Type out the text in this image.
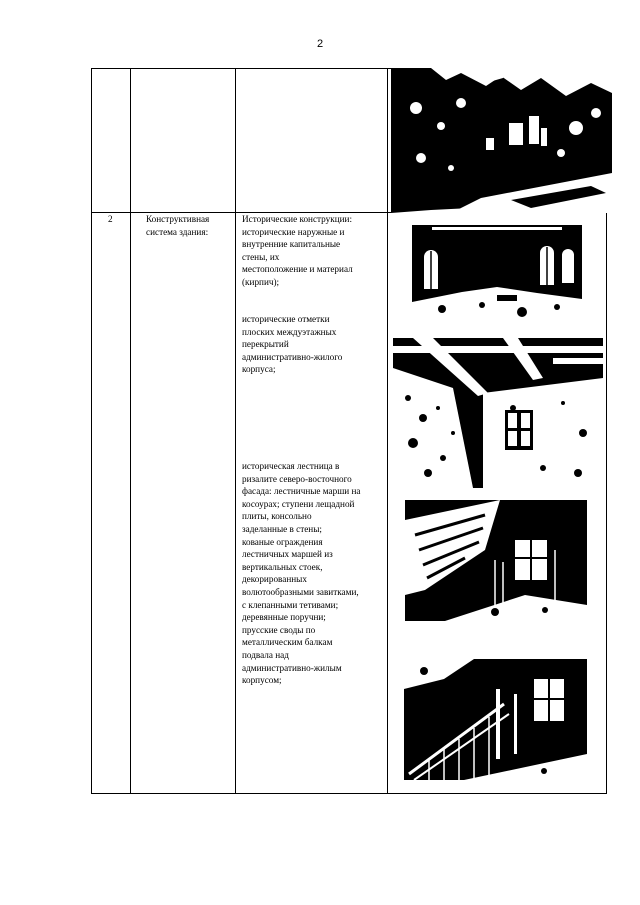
2
2	Конструктивная
система здания:
Исторические конструкции:
исторические наружные и
внутренние капитальные
стены, их
местоположение и материал
(кирпич);
исторические отметки
плоских междуэтажных
перекрытий
административно-жилого
корпуса;
историческая лестница в
ризалите северо-восточного
фасада: лестничные марши на
косоурах; ступени лещадной
плиты, консольно
заделанные в стены;
кованые ограждения
лестничных маршей из
вертикальных стоек,
декорированных
волютообразными завитками,
с клепанными тетивами;
деревянные поручни;
прусские своды по
металлическим балкам
подвала над
административно-жилым
корпусом;
